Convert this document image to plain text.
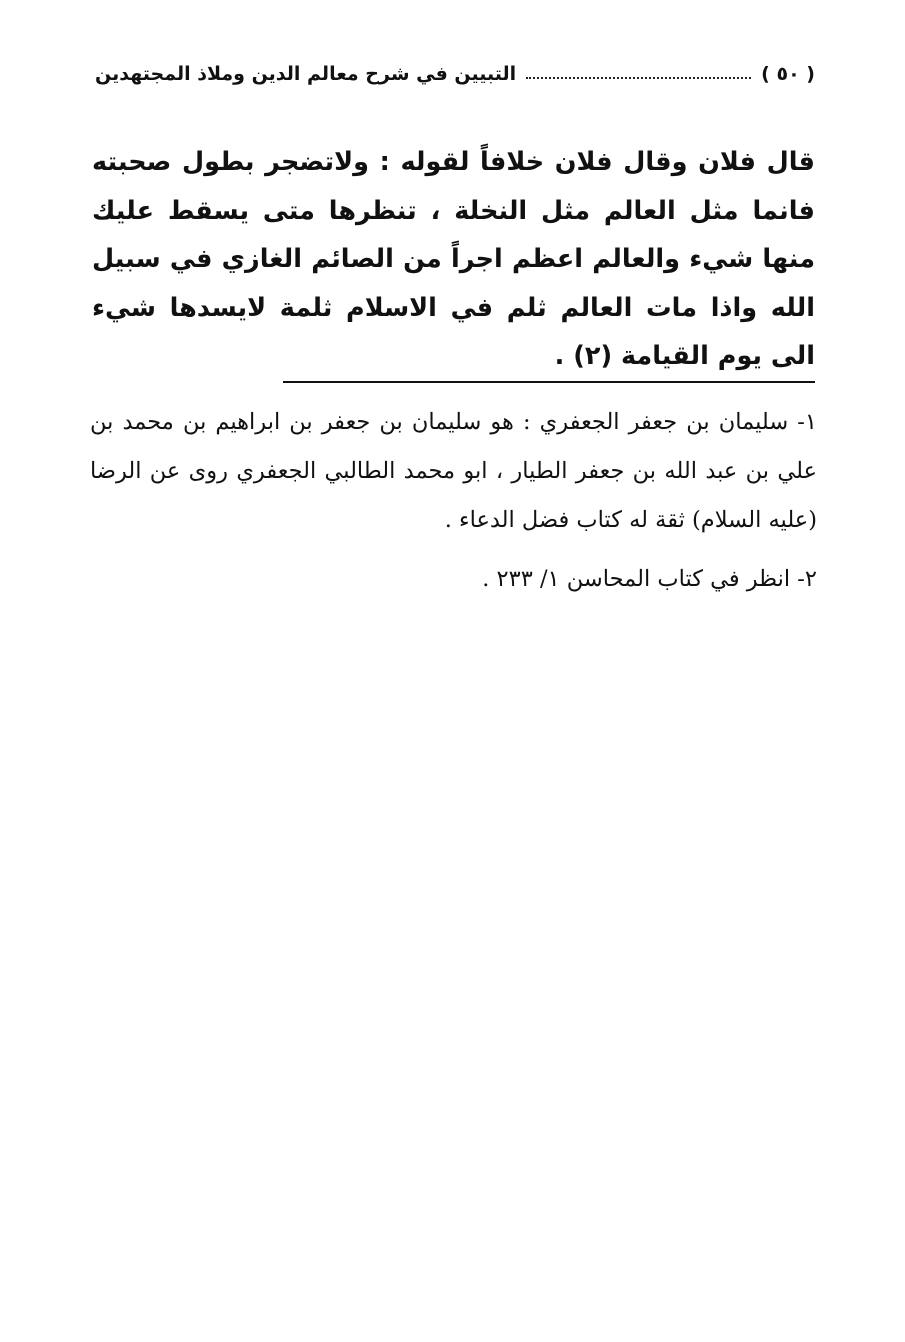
( ٥٠ )
التبيين في شرح معالم الدين وملاذ المجتهدين
قال فلان وقال فلان خلافاً لقوله : ولاتضجر بطول صحبته فانما مثل العالم مثل النخلة ، تنظرها متى يسقط عليك منها شيء والعالم اعظم اجراً من الصائم الغازي في سبيل الله واذا مات العالم ثلم في الاسلام ثلمة لايسدها شيء الى يوم القيامة (٢) .

١- سليمان بن جعفر الجعفري : هو سليمان بن جعفر بن ابراهيم بن محمد بن علي بن عبد الله بن جعفر الطيار ، ابو محمد الطالبي الجعفري روى عن الرضا (عليه السلام) ثقة له كتاب فضل الدعاء .

٢- انظر في كتاب المحاسن ١/ ٢٣٣ .
